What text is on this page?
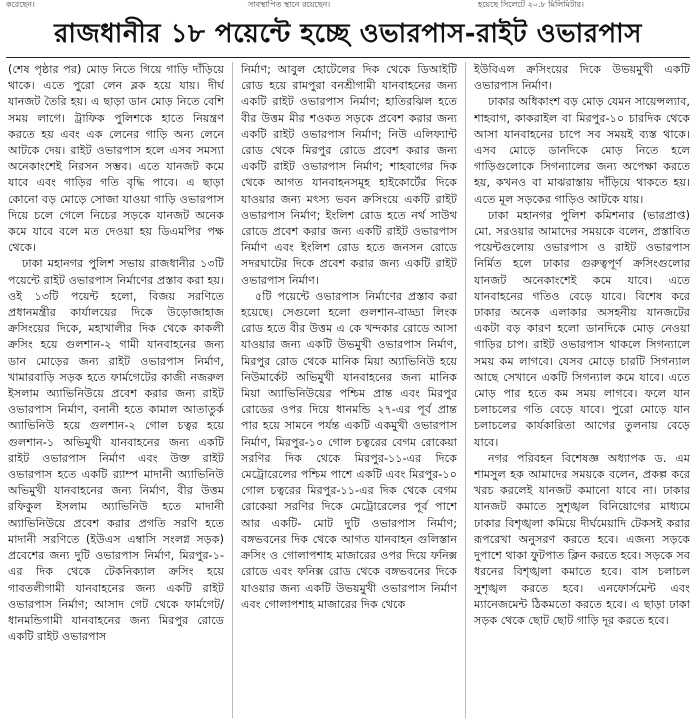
করেছেন।	সাবস্থাপিত স্থানে রয়েছেন।	হয়েছে সিলেটে ২০.৮ মিলিমিটার।
রাজধানীর ১৮ পয়েন্টে হচ্ছে ওভারপাস-রাইট ওভারপাস

(শেষ পৃষ্ঠার পর) মোড় নিতে গিয়ে গাড়ি দাঁড়িয়ে থাকে। এতে পুরো লেন ব্লক হয়ে যায়। দীর্ঘ যানজট তৈরি হয়। এ ছাড়া ডান মোড় নিতে বেশি সময় লাগে। ট্রাফিক পুলিশকে হাতে নিয়ন্ত্রণ করতে হয় এবং এক লেনের গাড়ি অন্য লেনে আটকে দেয়। রাইট ওভারপাস হলে এসব সমস্যা অনেকাংশেই নিরসন সম্ভব। এতে যানজট কমে যাবে এবং গাড়ির গতি বৃদ্ধি পাবে। এ ছাড়া কোনো বড় মোড়ে সোজা যাওয়া গাড়ি ওভারপাস দিয়ে চলে গেলে নিচের সড়কে যানজট অনেক কমে যাবে বলে মত দেওয়া হয় ডিএমপির পক্ষ থেকে।

ঢাকা মহানগর পুলিশ সভায় রাজধানীর ১৩টি পয়েন্টে রাইট ওভারপাস নির্মাণের প্রস্তাব করা হয়। ওই ১৩টি পয়েন্ট হলো, বিজয় সরণিতে প্রধানমন্ত্রীর কার্যালয়ের দিকে উড়োজাহাজ ক্রসিংয়ের দিকে, মহাখালীর দিক থেকে কাকলী ক্রসিং হয়ে গুলশান-২ গামী যানবাহনের জন্য ডান মোড়ের জন্য রাইট ওভারপাস নির্মাণ, খামারবাড়ি সড়ক হতে ফার্মগেটের কাজী নজরুল ইসলাম অ্যাভিনিউয়ে প্রবেশ করার জন্য রাইট ওভারপাস নির্মাণ, বনানী হতে কামাল আতাতুর্ক অ্যাভিনিউ হয়ে গুলশান-২ গোল চত্বর হয়ে গুলশান-১ অভিমুখী যানবাহনের জন্য একটি রাইট ওভারপাস নির্মাণ এবং উক্ত রাইট ওভারপাস হতে একটি র‌্যাম্প মাদানী অ্যাভিনিউ অভিমুখী যানবাহনের জন্য নির্মাণ, বীর উত্তম রফিকুল ইসলাম অ্যাভিনিউ হতে মাদানী অ্যাভিনিউয়ে প্রবেশ করার প্রগতি সরণি হতে মাদানী সরণিতে (ইউএস এম্বাসি সংলগ্ন সড়ক) প্রবেশের জন্য দুটি ওভারপাস নির্মাণ, মিরপুর-১-এর দিক থেকে টেকনিক্যাল ক্রসিং হয়ে গাবতলীগামী যানবাহনের জন্য একটি রাইট ওভারপাস নির্মাণ; আসাদ গেট থেকে ফার্মগেট/ধানমন্ডিগামী যানবাহনের জন্য মিরপুর রোডে একটি রাইট ওভারপাস

নির্মাণ; আবুল হোটেলের দিক থেকে ডিআইটি রোড হয়ে রামপুরা বনশ্রীগামী যানবাহনের জন্য একটি রাইট ওভারপাস নির্মাণ; হাতিরঝিল হতে বীর উত্তম মীর শওকত সড়কে প্রবেশ করার জন্য একটি রাইট ওভারপাস নির্মাণ; নিউ এলিফ্যান্ট রোড থেকে মিরপুর রোডে প্রবেশ করার জন্য একটি রাইট ওভারপাস নির্মাণ; শাহবাগের দিক থেকে আগত যানবাহনসমূহ হাইকোর্টের দিকে যাওয়ার জন্য মৎস্য ভবন ক্রসিংয়ে একটি রাইট ওভারপাস নির্মাণ; ইংলিশ রোড হতে নর্থ সাউথ রোডে প্রবেশ করার জন্য একটি রাইট ওভারপাস নির্মাণ এবং ইংলিশ রোড হতে জনসন রোডে সদরঘাটের দিকে প্রবেশ করার জন্য একটি রাইট ওভারপাস নির্মাণ।

৫টি পয়েন্টে ওভারপাস নির্মাণের প্রস্তাব করা হয়েছে। সেগুলো হলো গুলশান-বাড্ডা লিংক রোড হতে বীর উত্তম এ কে খন্দকার রোডে আসা যাওয়ার জন্য একটি উভমুখী ওভারপাস নির্মাণ, মিরপুর রোড থেকে মানিক মিয়া অ্যাভিনিউ হয়ে নিউমার্কেট অভিমুখী যানবাহনের জন্য মানিক মিয়া অ্যাভিনিউয়ের পশ্চিম প্রান্ত এবং মিরপুর রোডের ওপর দিয়ে ধানমন্ডি ২৭-এর পূর্ব প্রান্ত পার হয়ে সামনে পর্যন্ত একটি একমুখী ওভারপাস নির্মাণ, মিরপুর-১০ গোল চত্বরের বেগম রোকেয়া সরণির দিক থেকে মিরপুর-১১-এর দিকে মেট্রোরেলের পশ্চিম পাশে একটি এবং মিরপুর-১০ গোল চত্বরের মিরপুর-১১-এর দিক থেকে বেগম রোকেয়া সরণির দিকে মেট্রোরেলের পূর্ব পাশে আর একটি- মোট দুটি ওভারপাস নির্মাণ; বঙ্গভবনের দিক থেকে আগত যানবাহন গুলিস্তান ক্রসিং ও গোলাপশাহ মাজারের ওপর দিয়ে ফনিক্স রোডে এবং ফনিক্স রোড থেকে বঙ্গভবনের দিকে যাওয়ার জন্য একটি উভয়মুখী ওভারপাস নির্মাণ এবং গোলাপশাহ মাজারের দিক থেকে

ইউবিএল ক্রসিংয়ের দিকে উভয়মুখী একটি ওভারপাস নির্মাণ।

ঢাকার অধিকাংশ বড় মোড় যেমন সায়েন্সল্যাব, শাহবাগ, কাকরাইল বা মিরপুর-১০ চারদিক থেকে আসা যানবাহনের চাপে সব সময়ই ব্যস্ত থাকে। এসব মোড়ে ডানদিকে মোড় নিতে হলে গাড়িগুলোকে সিগন্যালের জন্য অপেক্ষা করতে হয়, কখনও বা মাঝরাস্তায় দাঁড়িয়ে থাকতে হয়। এতে মূল সড়কের গাড়িও আটকে যায়।

ঢাকা মহানগর পুলিশ কমিশনার (ভারপ্রাপ্ত) মো. সরওয়ার আমাদের সময়কে বলেন, প্রস্তাবিত পয়েন্টগুলোয় ওভারপাস ও রাইট ওভারপাস নির্মিত হলে ঢাকার গুরুত্বপূর্ণ ক্রসিংগুলোর যানজট অনেকাংশেই কমে যাবে। এতে যানবাহনের গতিও বেড়ে যাবে। বিশেষ করে ঢাকার অনেক এলাকার অসহনীয় যানজটের একটা বড় কারণ হলো ডানদিকে মোড় নেওয়া গাড়ির চাপ। রাইট ওভারপাস থাকলে সিগন্যালে সময় কম লাগবে। যেসব মোড়ে চারটি সিগন্যাল আছে সেখানে একটি সিগন্যাল কমে যাবে। এতে মোড় পার হতে কম সময় লাগবে। ফলে যান চলাচলের গতি বেড়ে যাবে। পুরো মোড়ে যান চলাচলের কার্যকারিতা আগের তুলনায় বেড়ে যাবে।

নগর পরিবহন বিশেষজ্ঞ অধ্যাপক ড. এম শামসুল হক আমাদের সময়কে বলেন, প্রকল্প করে খরচ করলেই যানজট কমানো যাবে না। ঢাকার যানজট কমাতে সুশৃঙ্খল বিনিয়োগের মাধ্যমে ঢাকার বিশৃঙ্খলা কমিয়ে দীর্ঘমেয়াদি টেকসই করার রূপরেখা অনুসরণ করতে হবে। এজন্য সড়কে দুপাশে থাকা ফুটপাত ক্লিন করতে হবে। সড়কে সব ধরনের বিশৃঙ্খলা কমাতে হবে। বাস চলাচল সুশৃঙ্খল করতে হবে। এনফোর্সমেন্ট এবং ম্যানেজমেন্ট ঠিকমতো করতে হবে। এ ছাড়া ঢাকা সড়ক থেকে ছোট ছোট গাড়ি দূর করতে হবে।
